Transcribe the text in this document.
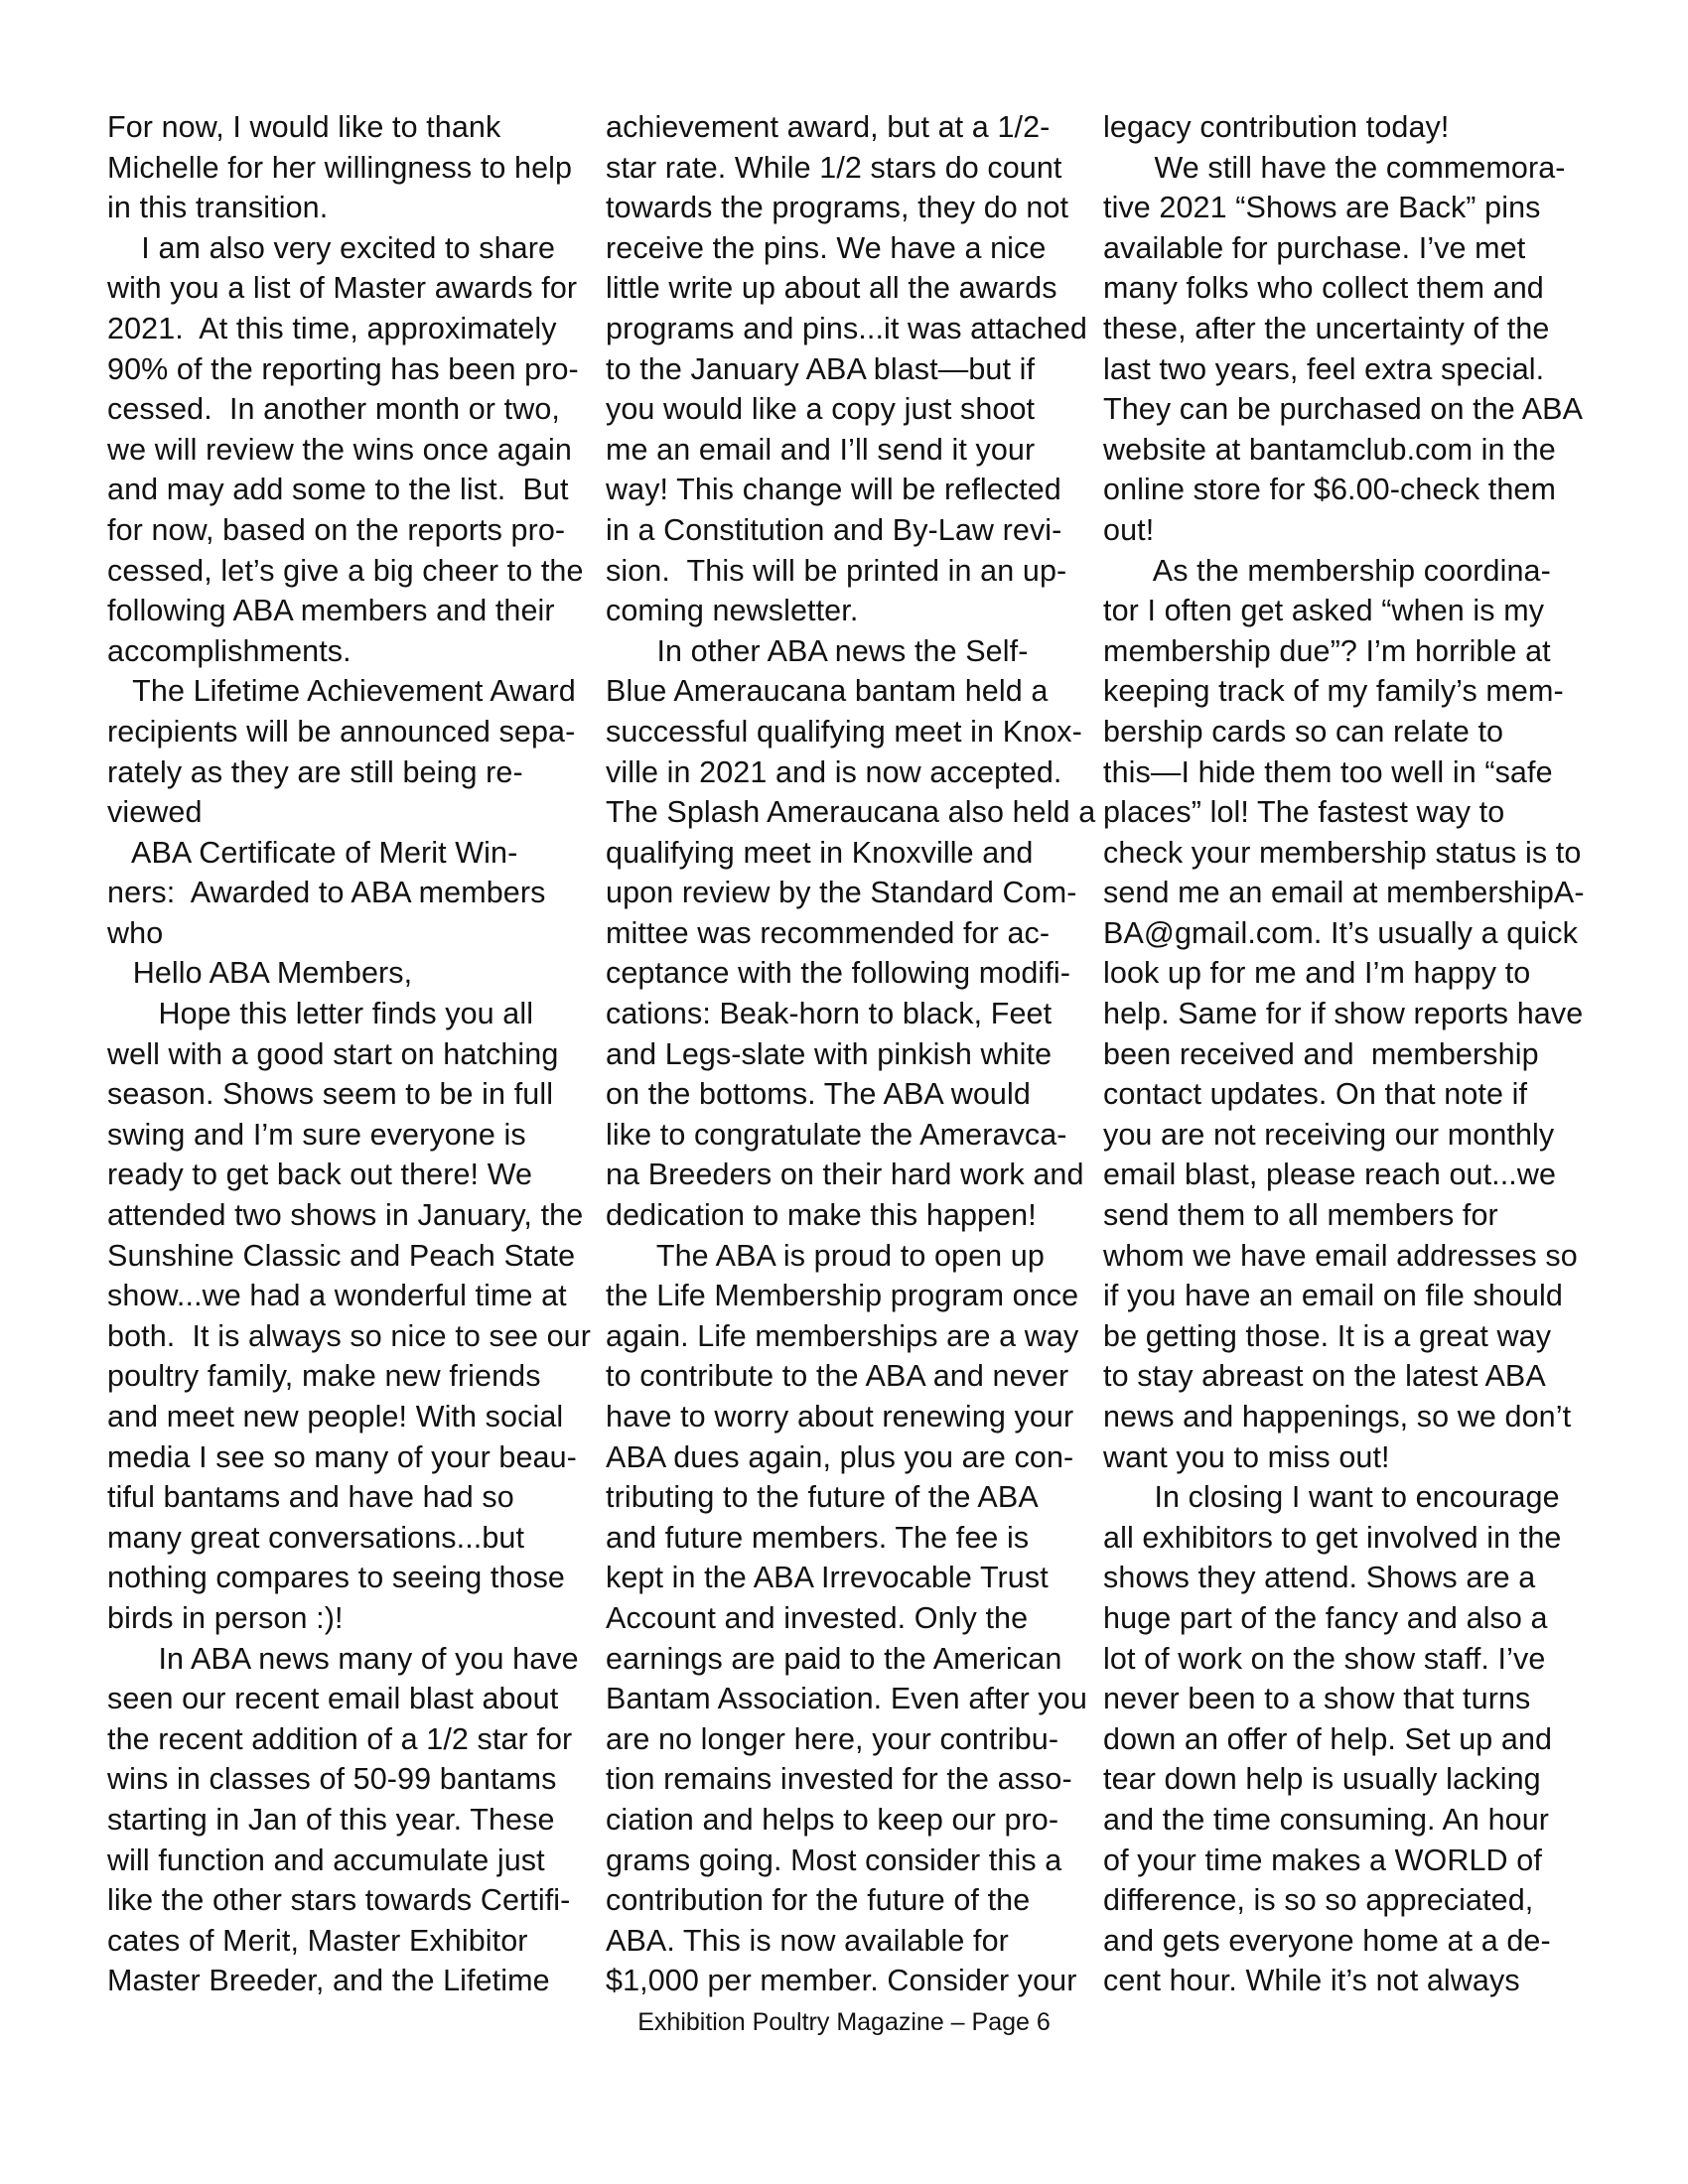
For now, I would like to thank
Michelle for her willingness to help
in this transition.
I am also very excited to share
with you a list of Master awards for
2021.  At this time, approximately
90% of the reporting has been pro-
cessed.  In another month or two,
we will review the wins once again
and may add some to the list.  But
for now, based on the reports pro-
cessed, let’s give a big cheer to the
following ABA members and their
accomplishments.
The Lifetime Achievement Award
recipients will be announced sepa-
rately as they are still being re-
viewed
ABA Certificate of Merit Win-
ners:  Awarded to ABA members
who
Hello ABA Members,
Hope this letter finds you all
well with a good start on hatching
season. Shows seem to be in full
swing and I’m sure everyone is
ready to get back out there! We
attended two shows in January, the
Sunshine Classic and Peach State
show...we had a wonderful time at
both.  It is always so nice to see our
poultry family, make new friends
and meet new people! With social
media I see so many of your beau-
tiful bantams and have had so
many great conversations...but
nothing compares to seeing those
birds in person :)!
In ABA news many of you have
seen our recent email blast about
the recent addition of a 1/2 star for
wins in classes of 50-99 bantams
starting in Jan of this year. These
will function and accumulate just
like the other stars towards Certifi-
cates of Merit, Master Exhibitor
Master Breeder, and the Lifetime
achievement award, but at a 1/2-
star rate. While 1/2 stars do count
towards the programs, they do not
receive the pins. We have a nice
little write up about all the awards
programs and pins...it was attached
to the January ABA blast—but if
you would like a copy just shoot
me an email and I’ll send it your
way! This change will be reflected
in a Constitution and By-Law revi-
sion.  This will be printed in an up-
coming newsletter.
In other ABA news the Self-
Blue Ameraucana bantam held a
successful qualifying meet in Knox-
ville in 2021 and is now accepted.
The Splash Ameraucana also held a
qualifying meet in Knoxville and
upon review by the Standard Com-
mittee was recommended for ac-
ceptance with the following modifi-
cations: Beak-horn to black, Feet
and Legs-slate with pinkish white
on the bottoms. The ABA would
like to congratulate the Ameravca-
na Breeders on their hard work and
dedication to make this happen!
The ABA is proud to open up
the Life Membership program once
again. Life memberships are a way
to contribute to the ABA and never
have to worry about renewing your
ABA dues again, plus you are con-
tributing to the future of the ABA
and future members. The fee is
kept in the ABA Irrevocable Trust
Account and invested. Only the
earnings are paid to the American
Bantam Association. Even after you
are no longer here, your contribu-
tion remains invested for the asso-
ciation and helps to keep our pro-
grams going. Most consider this a
contribution for the future of the
ABA. This is now available for
$1,000 per member. Consider your
legacy contribution today!
We still have the commemora-
tive 2021 “Shows are Back” pins
available for purchase. I’ve met
many folks who collect them and
these, after the uncertainty of the
last two years, feel extra special.
They can be purchased on the ABA
website at bantamclub.com in the
online store for $6.00-check them
out!
As the membership coordina-
tor I often get asked “when is my
membership due”? I’m horrible at
keeping track of my family’s mem-
bership cards so can relate to
this—I hide them too well in “safe
places” lol! The fastest way to
check your membership status is to
send me an email at membershipA-
BA@gmail.com. It’s usually a quick
look up for me and I’m happy to
help. Same for if show reports have
been received and  membership
contact updates. On that note if
you are not receiving our monthly
email blast, please reach out...we
send them to all members for
whom we have email addresses so
if you have an email on file should
be getting those. It is a great way
to stay abreast on the latest ABA
news and happenings, so we don’t
want you to miss out!
In closing I want to encourage
all exhibitors to get involved in the
shows they attend. Shows are a
huge part of the fancy and also a
lot of work on the show staff. I’ve
never been to a show that turns
down an offer of help. Set up and
tear down help is usually lacking
and the time consuming. An hour
of your time makes a WORLD of
difference, is so so appreciated,
and gets everyone home at a de-
cent hour. While it’s not always
Exhibition Poultry Magazine – Page 6
